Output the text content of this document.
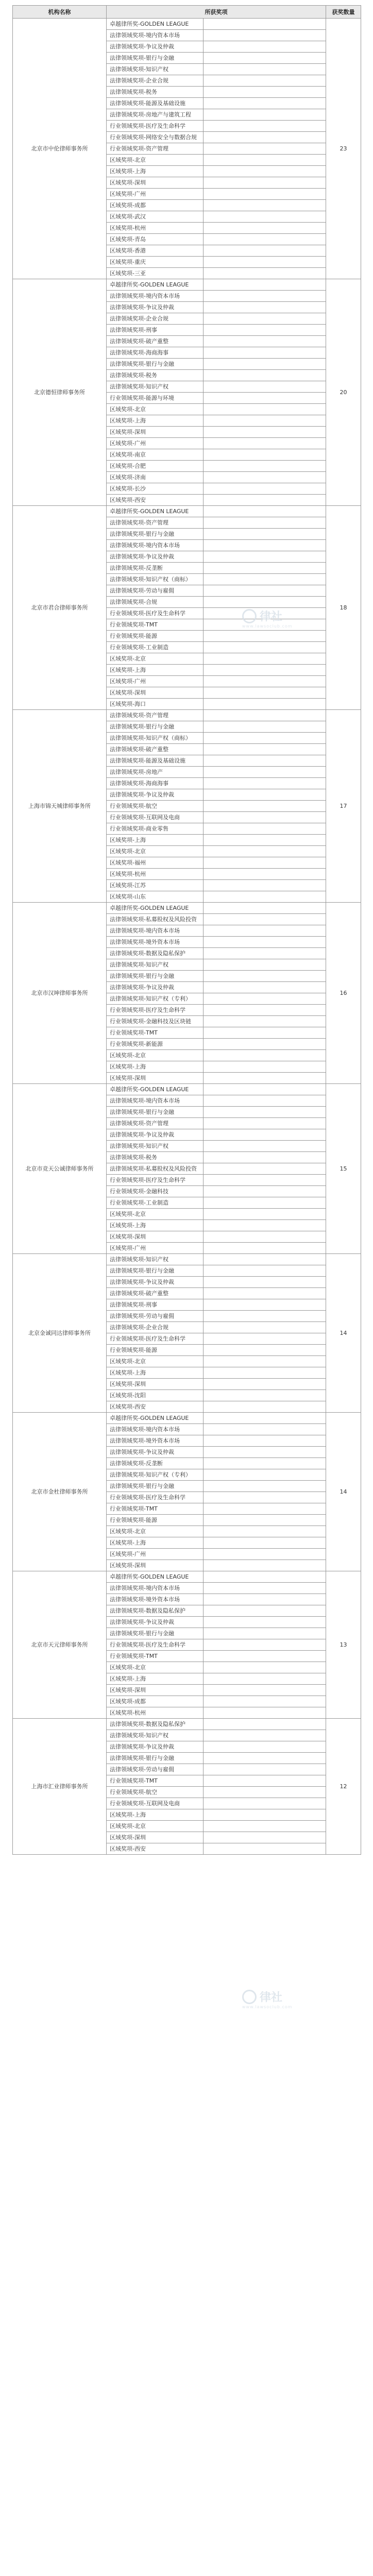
机构名称	所获奖项		获奖数量
北京市中伦律师事务所	卓越律所奖-GOLDEN LEAGUE		23
	法律领域奖项-境内资本市场		
	法律领域奖项-争议及仲裁		
	法律领域奖项-银行与金融		
	法律领域奖项-知识产权		
	法律领域奖项-企业合规		
	法律领域奖项-税务		
	法律领域奖项-能源及基础设施		
	法律领域奖项-房地产与建筑工程		
	行业领域奖项-医疗及生命科学		
	行业领域奖项-网络安全与数据合规		
	行业领域奖项-资产管理		
	区域奖项-北京		
	区域奖项-上海		
	区域奖项-深圳		
	区域奖项-广州		
	区域奖项-成都		
	区域奖项-武汉		
	区域奖项-杭州		
	区域奖项-青岛		
	区域奖项-香港		
	区域奖项-重庆		
	区域奖项-三亚		
北京德恒律师事务所	卓越律所奖-GOLDEN LEAGUE		20
	法律领域奖项-境内资本市场		
	法律领域奖项-争议及仲裁		
	法律领域奖项-企业合规		
	法律领域奖项-刑事		
	法律领域奖项-破产重整		
	法律领域奖项-海商海事		
	法律领域奖项-银行与金融		
	法律领域奖项-税务		
	法律领域奖项-知识产权		
	行业领域奖项-能源与环境		
	区域奖项-北京		
	区域奖项-上海		
	区域奖项-深圳		
	区域奖项-广州		
	区域奖项-南京		
	区域奖项-合肥		
	区域奖项-济南		
	区域奖项-长沙		
	区域奖项-西安		
北京市君合律师事务所	卓越律所奖-GOLDEN LEAGUE		18
	法律领域奖项-资产管理		
	法律领域奖项-银行与金融		
	法律领域奖项-境内资本市场		
	法律领域奖项-争议及仲裁		
	法律领域奖项-反垄断		
	法律领域奖项-知识产权（商标）		
	法律领域奖项-劳动与雇佣		
	法律领域奖项-合规		
	行业领域奖项-医疗及生命科学		
	行业领域奖项-TMT		
	行业领域奖项-能源		
	行业领域奖项-工业制造		
	区域奖项-北京		
	区域奖项-上海		
	区域奖项-广州		
	区域奖项-深圳		
	区域奖项-海口		
上海市锦天城律师事务所	法律领域奖项-资产管理		17
	法律领域奖项-银行与金融		
	法律领域奖项-知识产权（商标）		
	法律领域奖项-破产重整		
	法律领域奖项-能源及基础设施		
	法律领域奖项-房地产		
	法律领域奖项-海商海事		
	法律领域奖项-争议及仲裁		
	行业领域奖项-航空		
	行业领域奖项-互联网及电商		
	行业领域奖项-商业零售		
	区域奖项-上海		
	区域奖项-北京		
	区域奖项-福州		
	区域奖项-杭州		
	区域奖项-江苏		
	区域奖项-山东		
北京市汉坤律师事务所	卓越律所奖-GOLDEN LEAGUE		16
	法律领域奖项-私募股权及风险投资		
	法律领域奖项-境内资本市场		
	法律领域奖项-境外资本市场		
	法律领域奖项-数据及隐私保护		
	法律领域奖项-知识产权		
	法律领域奖项-银行与金融		
	法律领域奖项-争议及仲裁		
	法律领域奖项-知识产权（专利）		
	行业领域奖项-医疗及生命科学		
	行业领域奖项-金融科技及区块链		
	行业领域奖项-TMT		
	行业领域奖项-新能源		
	区域奖项-北京		
	区域奖项-上海		
	区域奖项-深圳		
北京市竞天公诚律师事务所	卓越律所奖-GOLDEN LEAGUE		15
	法律领域奖项-境内资本市场		
	法律领域奖项-银行与金融		
	法律领域奖项-资产管理		
	法律领域奖项-争议及仲裁		
	法律领域奖项-知识产权		
	法律领域奖项-税务		
	法律领域奖项-私募股权及风险投资		
	行业领域奖项-医疗及生命科学		
	行业领域奖项-金融科技		
	行业领域奖项-工业制造		
	区域奖项-北京		
	区域奖项-上海		
	区域奖项-深圳		
	区域奖项-广州		
北京金诚同达律师事务所	法律领域奖项-知识产权		14
	法律领域奖项-银行与金融		
	法律领域奖项-争议及仲裁		
	法律领域奖项-破产重整		
	法律领域奖项-刑事		
	法律领域奖项-劳动与雇佣		
	法律领域奖项-企业合规		
	行业领域奖项-医疗及生命科学		
	行业领域奖项-能源		
	区域奖项-北京		
	区域奖项-上海		
	区域奖项-深圳		
	区域奖项-沈阳		
	区域奖项-西安		
北京市金杜律师事务所	卓越律所奖-GOLDEN LEAGUE		14
	法律领域奖项-境内资本市场		
	法律领域奖项-境外资本市场		
	法律领域奖项-争议及仲裁		
	法律领域奖项-反垄断		
	法律领域奖项-知识产权（专利）		
	法律领域奖项-银行与金融		
	行业领域奖项-医疗及生命科学		
	行业领域奖项-TMT		
	行业领域奖项-能源		
	区域奖项-北京		
	区域奖项-上海		
	区域奖项-广州		
	区域奖项-深圳		
北京市天元律师事务所	卓越律所奖-GOLDEN LEAGUE		13
	法律领域奖项-境内资本市场		
	法律领域奖项-境外资本市场		
	法律领域奖项-数据及隐私保护		
	法律领域奖项-争议及仲裁		
	法律领域奖项-银行与金融		
	行业领域奖项-医疗及生命科学		
	行业领域奖项-TMT		
	区域奖项-北京		
	区域奖项-上海		
	区域奖项-深圳		
	区域奖项-成都		
	区域奖项-杭州		
上海市汇业律师事务所	法律领域奖项-数据及隐私保护		12
	法律领域奖项-知识产权		
	法律领域奖项-争议及仲裁		
	法律领域奖项-银行与金融		
	法律领域奖项-劳动与雇佣		
	行业领域奖项-TMT		
	行业领域奖项-航空		
	行业领域奖项-互联网及电商		
	区域奖项-上海		
	区域奖项-北京		
	区域奖项-深圳		
	区域奖项-西安		
律社
www.lawsoclub.com
律社
www.lawsoclub.com
